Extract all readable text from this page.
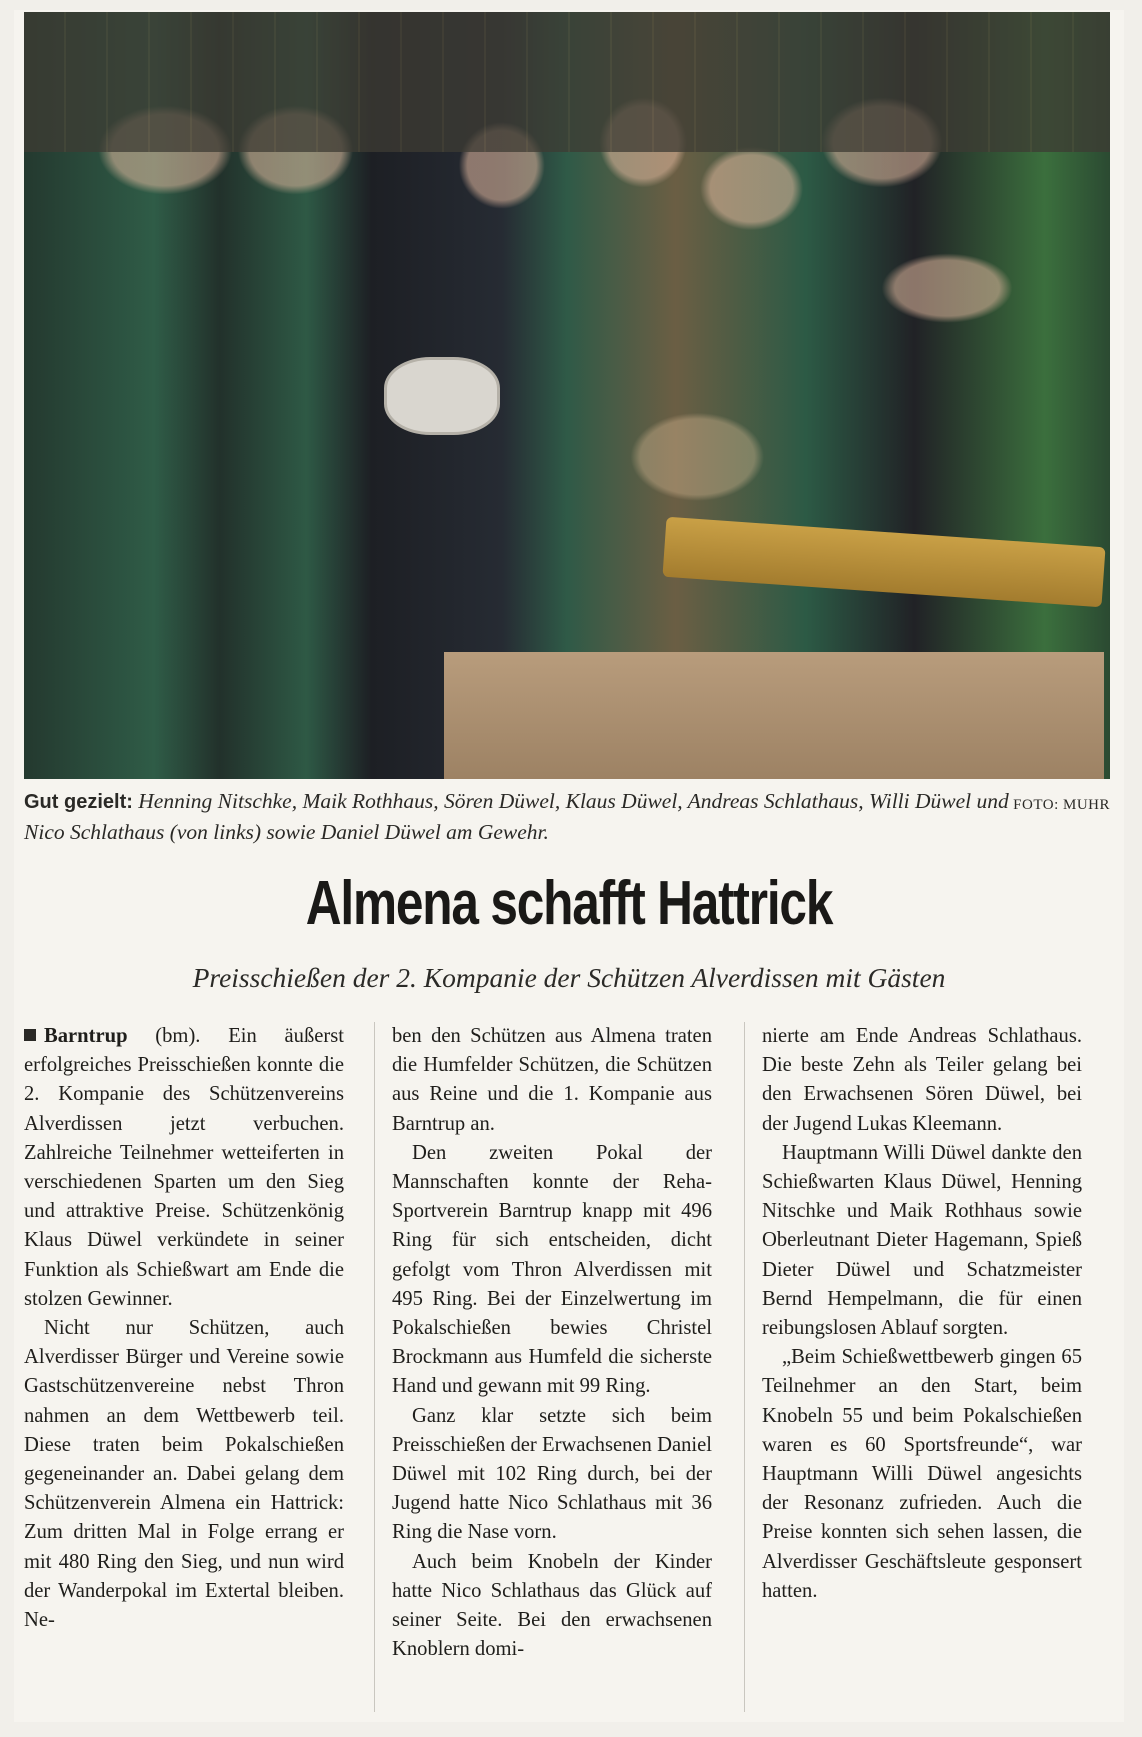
FOTO: MUHR
Gut gezielt: Henning Nitschke, Maik Rothhaus, Sören Düwel, Klaus Düwel, Andreas Schlathaus, Willi Düwel und Nico Schlathaus (von links) sowie Daniel Düwel am Gewehr.
Almena schafft Hattrick
Preisschießen der 2. Kompanie der Schützen Alverdissen mit Gästen

Barntrup (bm). Ein äußerst erfolgreiches Preisschießen konnte die 2. Kompanie des Schützenvereins Alverdissen jetzt verbuchen. Zahlreiche Teilnehmer wetteiferten in verschiedenen Sparten um den Sieg und attraktive Preise. Schützenkönig Klaus Düwel verkündete in seiner Funktion als Schießwart am Ende die stolzen Gewinner.

Nicht nur Schützen, auch Alverdisser Bürger und Vereine sowie Gastschützenvereine nebst Thron nahmen an dem Wettbewerb teil. Diese traten beim Pokalschießen gegeneinander an. Dabei gelang dem Schützenverein Almena ein Hattrick: Zum dritten Mal in Folge errang er mit 480 Ring den Sieg, und nun wird der Wanderpokal im Extertal bleiben. Ne-

ben den Schützen aus Almena traten die Humfelder Schützen, die Schützen aus Reine und die 1. Kompanie aus Barntrup an.

Den zweiten Pokal der Mannschaften konnte der Reha-Sportverein Barntrup knapp mit 496 Ring für sich entscheiden, dicht gefolgt vom Thron Alverdissen mit 495 Ring. Bei der Einzelwertung im Pokalschießen bewies Christel Brockmann aus Humfeld die sicherste Hand und gewann mit 99 Ring.

Ganz klar setzte sich beim Preisschießen der Erwachsenen Daniel Düwel mit 102 Ring durch, bei der Jugend hatte Nico Schlathaus mit 36 Ring die Nase vorn.

Auch beim Knobeln der Kinder hatte Nico Schlathaus das Glück auf seiner Seite. Bei den erwachsenen Knoblern domi-

nierte am Ende Andreas Schlathaus. Die beste Zehn als Teiler gelang bei den Erwachsenen Sören Düwel, bei der Jugend Lukas Kleemann.

Hauptmann Willi Düwel dankte den Schießwarten Klaus Düwel, Henning Nitschke und Maik Rothhaus sowie Oberleutnant Dieter Hagemann, Spieß Dieter Düwel und Schatzmeister Bernd Hempelmann, die für einen reibungslosen Ablauf sorgten.

„Beim Schießwettbewerb gingen 65 Teilnehmer an den Start, beim Knobeln 55 und beim Pokalschießen waren es 60 Sportsfreunde“, war Hauptmann Willi Düwel angesichts der Resonanz zufrieden. Auch die Preise konnten sich sehen lassen, die Alverdisser Geschäftsleute gesponsert hatten.
